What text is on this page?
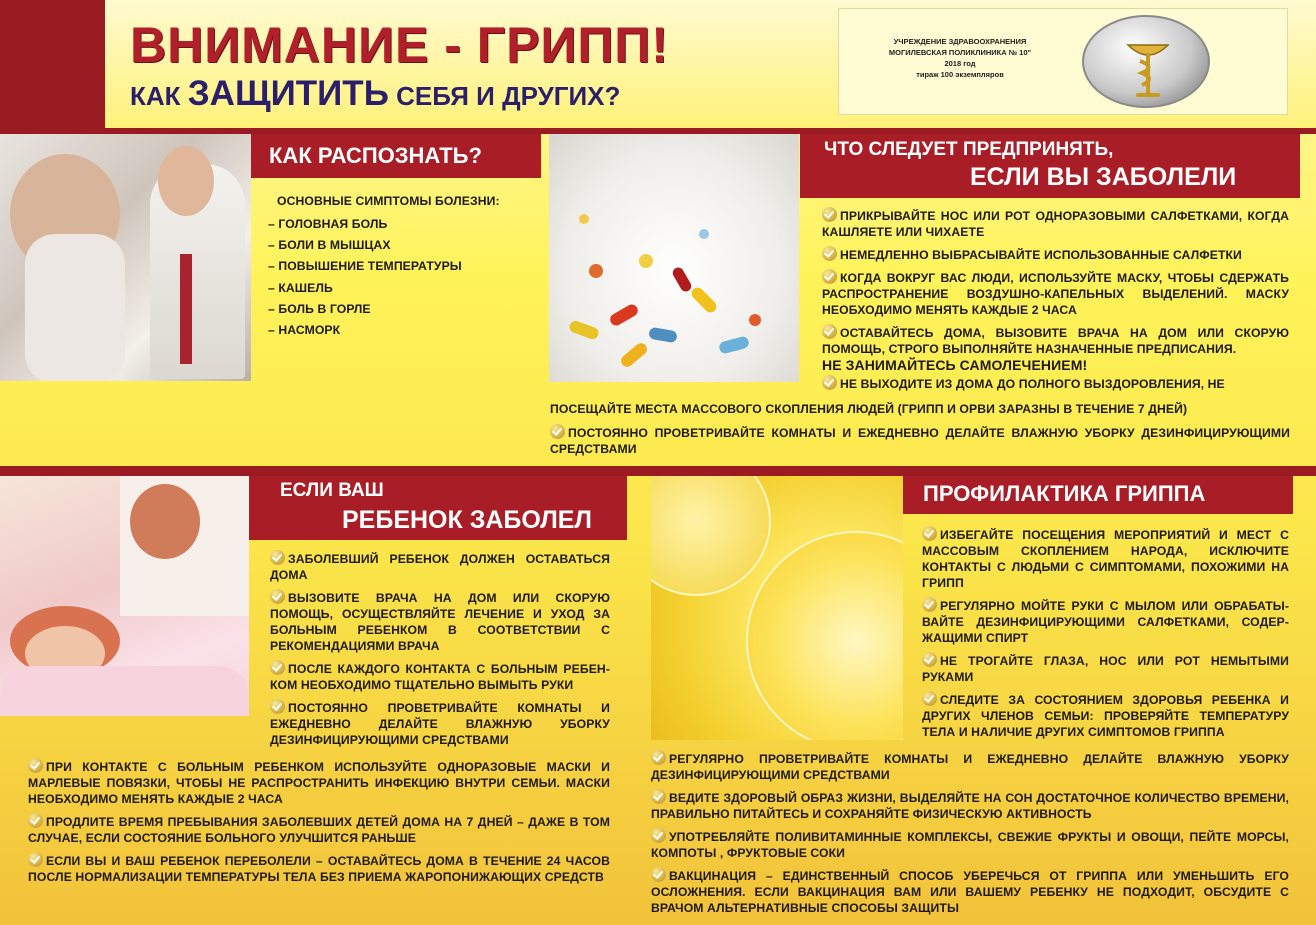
ВНИМАНИЕ - ГРИПП!
КАК ЗАЩИТИТЬ СЕБЯ И ДРУГИХ?
УЧРЕЖДЕНИЕ ЗДРАВООХРАНЕНИЯ
МОГИЛЕВСКАЯ ПОЛИКЛИНИКА № 10"
2018 год
тираж 100 экземпляров
КАК РАСПОЗНАТЬ?
ОСНОВНЫЕ СИМПТОМЫ БОЛЕЗНИ:
– ГОЛОВНАЯ БОЛЬ
– БОЛИ В МЫШЦАХ
– ПОВЫШЕНИЕ ТЕМПЕРАТУРЫ
– КАШЕЛЬ
– БОЛЬ В ГОРЛЕ
– НАСМОРК
ЧТО СЛЕДУЕТ ПРЕДПРИНЯТЬ,
ЕСЛИ ВЫ ЗАБОЛЕЛИ
ПРИКРЫВАЙТЕ НОС ИЛИ РОТ ОДНОРАЗОВЫМИ САЛФЕТКАМИ, КОГДА КАШЛЯЕТЕ ИЛИ ЧИХАЕТЕ
НЕМЕДЛЕННО ВЫБРАСЫВАЙТЕ ИСПОЛЬЗОВАННЫЕ САЛФЕТКИ
КОГДА ВОКРУГ ВАС ЛЮДИ, ИСПОЛЬЗУЙТЕ МАСКУ, ЧТОБЫ СДЕРЖАТЬ РАСПРОСТРАНЕНИЕ ВОЗДУШНО-КАПЕЛЬНЫХ ВЫДЕЛЕНИЙ. МАСКУ НЕОБХОДИМО МЕНЯТЬ КАЖДЫЕ 2 ЧАСА
ОСТАВАЙТЕСЬ ДОМА, ВЫЗОВИТЕ ВРАЧА НА ДОМ ИЛИ СКОРУЮ ПОМОЩЬ, СТРОГО ВЫПОЛНЯЙТЕ НАЗНАЧЕННЫЕ ПРЕДПИСАНИЯ.
НЕ ЗАНИМАЙТЕСЬ САМОЛЕЧЕНИЕМ!
НЕ ВЫХОДИТЕ ИЗ ДОМА ДО ПОЛНОГО ВЫЗДОРОВЛЕНИЯ, НЕ
ПОСЕЩАЙТЕ МЕСТА МАССОВОГО СКОПЛЕНИЯ ЛЮДЕЙ (ГРИПП И ОРВИ ЗАРАЗНЫ В ТЕЧЕНИЕ 7 ДНЕЙ)
ПОСТОЯННО ПРОВЕТРИВАЙТЕ КОМНАТЫ И ЕЖЕДНЕВНО ДЕЛАЙТЕ ВЛАЖНУЮ УБОРКУ ДЕЗИНФИЦИРУЮЩИМИ СРЕДСТВАМИ
ЕСЛИ ВАШ
РЕБЕНОК ЗАБОЛЕЛ
ЗАБОЛЕВШИЙ РЕБЕНОК ДОЛЖЕН ОСТАВАТЬСЯ ДОМА
ВЫЗОВИТЕ ВРАЧА НА ДОМ ИЛИ СКОРУЮ ПОМОЩЬ, ОСУЩЕСТВЛЯЙТЕ ЛЕЧЕНИЕ И УХОД ЗА БОЛЬНЫМ РЕБЕНКОМ В СООТВЕТСТВИИ С РЕКОМЕНДАЦИЯМИ ВРАЧА
ПОСЛЕ КАЖДОГО КОНТАКТА С БОЛЬНЫМ РЕБЕН-КОМ НЕОБХОДИМО ТЩАТЕЛЬНО ВЫМЫТЬ РУКИ
ПОСТОЯННО ПРОВЕТРИВАЙТЕ КОМНАТЫ И ЕЖЕДНЕВНО ДЕЛАЙТЕ ВЛАЖНУЮ УБОРКУ ДЕЗИНФИЦИРУЮЩИМИ СРЕДСТВАМИ
ПРИ КОНТАКТЕ С БОЛЬНЫМ РЕБЕНКОМ ИСПОЛЬЗУЙТЕ ОДНОРАЗОВЫЕ МАСКИ И МАРЛЕВЫЕ ПОВЯЗКИ, ЧТОБЫ НЕ РАСПРОСТРАНИТЬ ИНФЕКЦИЮ ВНУТРИ СЕМЬИ. МАСКИ НЕОБХОДИМО МЕНЯТЬ КАЖДЫЕ 2 ЧАСА
ПРОДЛИТЕ ВРЕМЯ ПРЕБЫВАНИЯ ЗАБОЛЕВШИХ ДЕТЕЙ ДОМА НА 7 ДНЕЙ – ДАЖЕ В ТОМ СЛУЧАЕ, ЕСЛИ СОСТОЯНИЕ БОЛЬНОГО УЛУЧШИТСЯ РАНЬШЕ
ЕСЛИ ВЫ И ВАШ РЕБЕНОК ПЕРЕБОЛЕЛИ – ОСТАВАЙТЕСЬ ДОМА В ТЕЧЕНИЕ 24 ЧАСОВ ПОСЛЕ НОРМАЛИЗАЦИИ ТЕМПЕРАТУРЫ ТЕЛА БЕЗ ПРИЕМА ЖАРОПОНИЖАЮЩИХ СРЕДСТВ
ПРОФИЛАКТИКА ГРИППА
ИЗБЕГАЙТЕ ПОСЕЩЕНИЯ МЕРОПРИЯТИЙ И МЕСТ С МАССОВЫМ СКОПЛЕНИЕМ НАРОДА, ИСКЛЮЧИТЕ КОНТАКТЫ С ЛЮДЬМИ С СИМПТОМАМИ, ПОХОЖИМИ НА ГРИПП
РЕГУЛЯРНО МОЙТЕ РУКИ С МЫЛОМ ИЛИ ОБРАБАТЫ-ВАЙТЕ ДЕЗИНФИЦИРУЮЩИМИ САЛФЕТКАМИ, СОДЕР-ЖАЩИМИ СПИРТ
НЕ ТРОГАЙТЕ ГЛАЗА, НОС ИЛИ РОТ НЕМЫТЫМИ РУКАМИ
СЛЕДИТЕ ЗА СОСТОЯНИЕМ ЗДОРОВЬЯ РЕБЕНКА И ДРУГИХ ЧЛЕНОВ СЕМЬИ: ПРОВЕРЯЙТЕ ТЕМПЕРАТУРУ ТЕЛА И НАЛИЧИЕ ДРУГИХ СИМПТОМОВ ГРИППА
РЕГУЛЯРНО ПРОВЕТРИВАЙТЕ КОМНАТЫ И ЕЖЕДНЕВНО ДЕЛАЙТЕ ВЛАЖНУЮ УБОРКУ ДЕЗИНФИЦИРУЮЩИМИ СРЕДСТВАМИ
ВЕДИТЕ ЗДОРОВЫЙ ОБРАЗ ЖИЗНИ, ВЫДЕЛЯЙТЕ НА СОН ДОСТАТОЧНОЕ КОЛИЧЕСТВО ВРЕМЕНИ, ПРАВИЛЬНО ПИТАЙТЕСЬ И СОХРАНЯЙТЕ ФИЗИЧЕСКУЮ АКТИВНОСТЬ
УПОТРЕБЛЯЙТЕ ПОЛИВИТАМИННЫЕ КОМПЛЕКСЫ, СВЕЖИЕ ФРУКТЫ И ОВОЩИ, ПЕЙТЕ МОРСЫ, КОМПОТЫ , ФРУКТОВЫЕ СОКИ
ВАКЦИНАЦИЯ – ЕДИНСТВЕННЫЙ СПОСОБ УБЕРЕЧЬСЯ ОТ ГРИППА ИЛИ УМЕНЬШИТЬ ЕГО ОСЛОЖНЕНИЯ. ЕСЛИ ВАКЦИНАЦИЯ ВАМ ИЛИ ВАШЕМУ РЕБЕНКУ НЕ ПОДХОДИТ, ОБСУДИТЕ С ВРАЧОМ АЛЬТЕРНАТИВНЫЕ СПОСОБЫ ЗАЩИТЫ
